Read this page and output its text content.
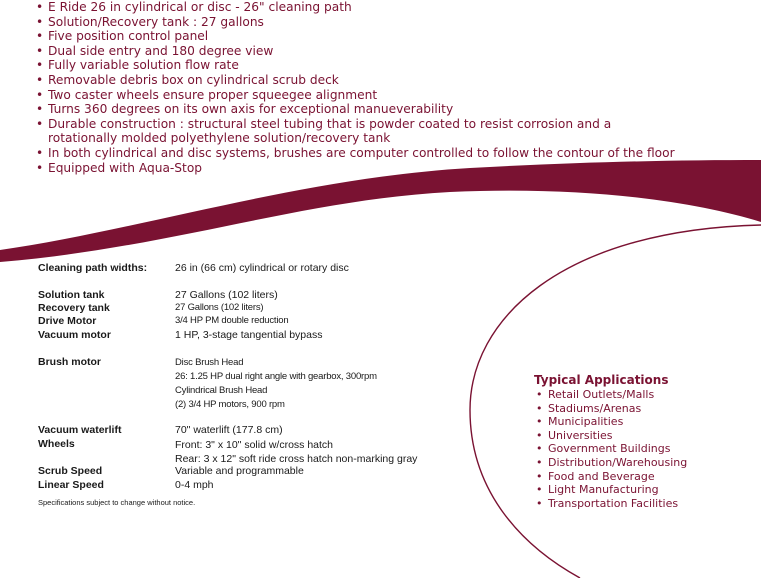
• E Ride 26 in cylindrical or disc - 26" cleaning path
• Solution/Recovery tank : 27 gallons
• Five position control panel
• Dual side entry and 180 degree view
• Fully variable solution flow rate
• Removable debris box on cylindrical scrub deck
• Two caster wheels ensure proper squeegee alignment
• Turns 360 degrees on its own axis for exceptional manueverability
• Durable construction : structural steel tubing that is powder coated to resist corrosion and a
rotationally molded polyethylene solution/recovery tank
• In both cylindrical and disc systems, brushes are computer controlled to follow the contour of the floor
• Equipped with Aqua-Stop
Cleaning path widths:	26 in (66 cm) cylindrical or rotary disc
Solution tank	27 Gallons (102 liters)
Recovery tank	27 Gallons (102 liters)
Drive Motor	3/4 HP PM double reduction
Vacuum motor	1 HP, 3-stage tangential bypass
Brush motor	Disc Brush Head
26: 1.25 HP dual right angle with gearbox, 300rpm
Cylindrical Brush Head
(2) 3/4 HP motors, 900 rpm
Vacuum waterlift	70" waterlift (177.8 cm)
Wheels	Front: 3" x 10" solid w/cross hatch
Rear: 3 x 12" soft ride cross hatch non-marking gray
Scrub Speed	Variable and programmable
Linear Speed	0-4 mph
Specifications subject to change without notice.
Typical Applications
• Retail Outlets/Malls
• Stadiums/Arenas
• Municipalities
• Universities
• Government Buildings
• Distribution/Warehousing
• Food and Beverage
• Light Manufacturing
• Transportation Facilities
